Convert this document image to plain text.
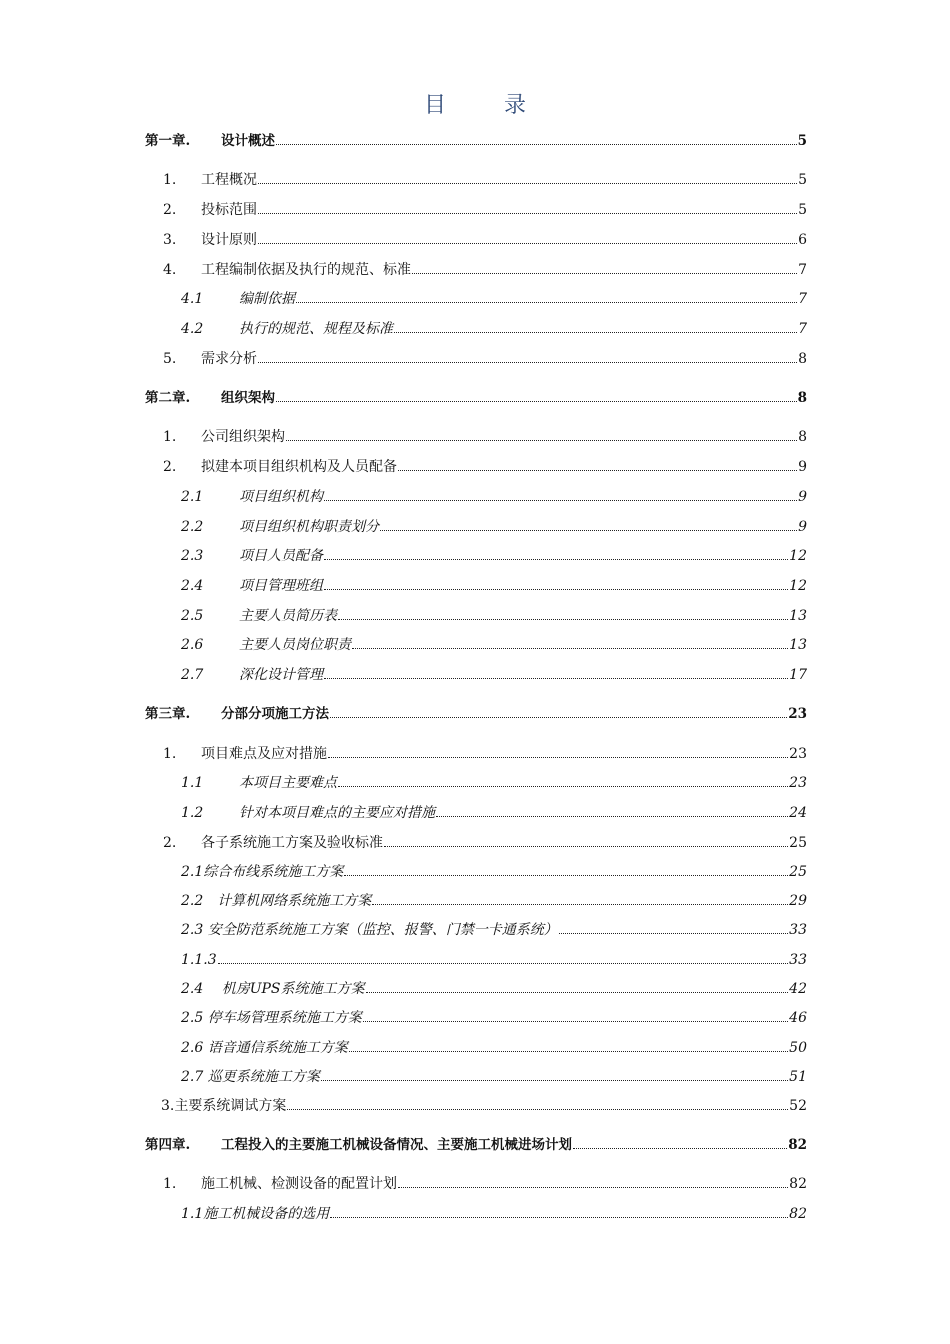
目	录
第一章.	设计概述	5
1.	工程概况	5
2.	投标范围	5
3.	设计原则	6
4.	工程编制依据及执行的规范、标准	7
4.1	编制依据	7
4.2	执行的规范、规程及标准	7
5.	需求分析	8
第二章.	组织架构	8
1.	公司组织架构	8
2.	拟建本项目组织机构及人员配备	9
2.1	项目组织机构	9
2.2	项目组织机构职责划分	9
2.3	项目人员配备	12
2.4	项目管理班组	12
2.5	主要人员简历表	13
2.6	主要人员岗位职责	13
2.7	深化设计管理	17
第三章.	分部分项施工方法	23
1.	项目难点及应对措施	23
1.1	本项目主要难点	23
1.2	针对本项目难点的主要应对措施	24
2.	各子系统施工方案及验收标准	25
2.1综合布线系统施工方案	25
2.2　计算机网络系统施工方案	29
2.3 安全防范系统施工方案（监控、报警、门禁一卡通系统）	33
1.1.3	33
2.4　 机房UPS系统施工方案	42
2.5 停车场管理系统施工方案	46
2.6 语音通信系统施工方案	50
2.7 巡更系统施工方案	51
3.主要系统调试方案	52
第四章.	工程投入的主要施工机械设备情况、主要施工机械进场计划	82
1.	施工机械、检测设备的配置计划	82
1.1施工机械设备的选用	82
